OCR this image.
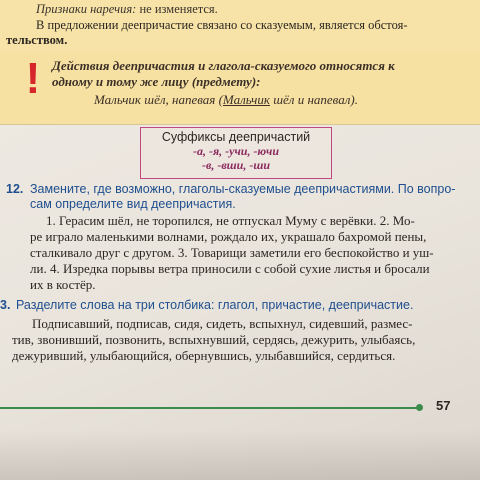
Признаки наречия: не изменяется.
В предложении деепричастие связано со сказуемым, является обстоя-
тельством.
! Действия деепричастия и глагола-сказуемого относятся к
одному и тому же лицу (предмету):
Мальчик шёл, напевая (Мальчик шёл и напевал).
Суффиксы деепричастий
-а, -я, -учи, -ючи
-в, -вши, -ши
12. Замените, где возможно, глаголы-сказуемые деепричастиями. По вопро-
сам определите вид деепричастия.
1. Герасим шёл, не торопился, не отпускал Муму с верёвки. 2. Мо-
ре играло маленькими волнами, рождало их, украшало бахромой пены,
сталкивало друг с другом. 3. Товарищи заметили его беспокойство и уш-
ли. 4. Изредка порывы ветра приносили с собой сухие листья и бросали
их в костёр.
3. Разделите слова на три столбика: глагол, причастие, деепричастие.
Подписавший, подписав, сидя, сидеть, вспыхнул, сидевший, размес-
тив, звонивший, позвонить, вспыхнувший, сердясь, дежурить, улыбаясь,
дежуривший, улыбающийся, обернувшись, улыбавшийся, сердиться.
57
